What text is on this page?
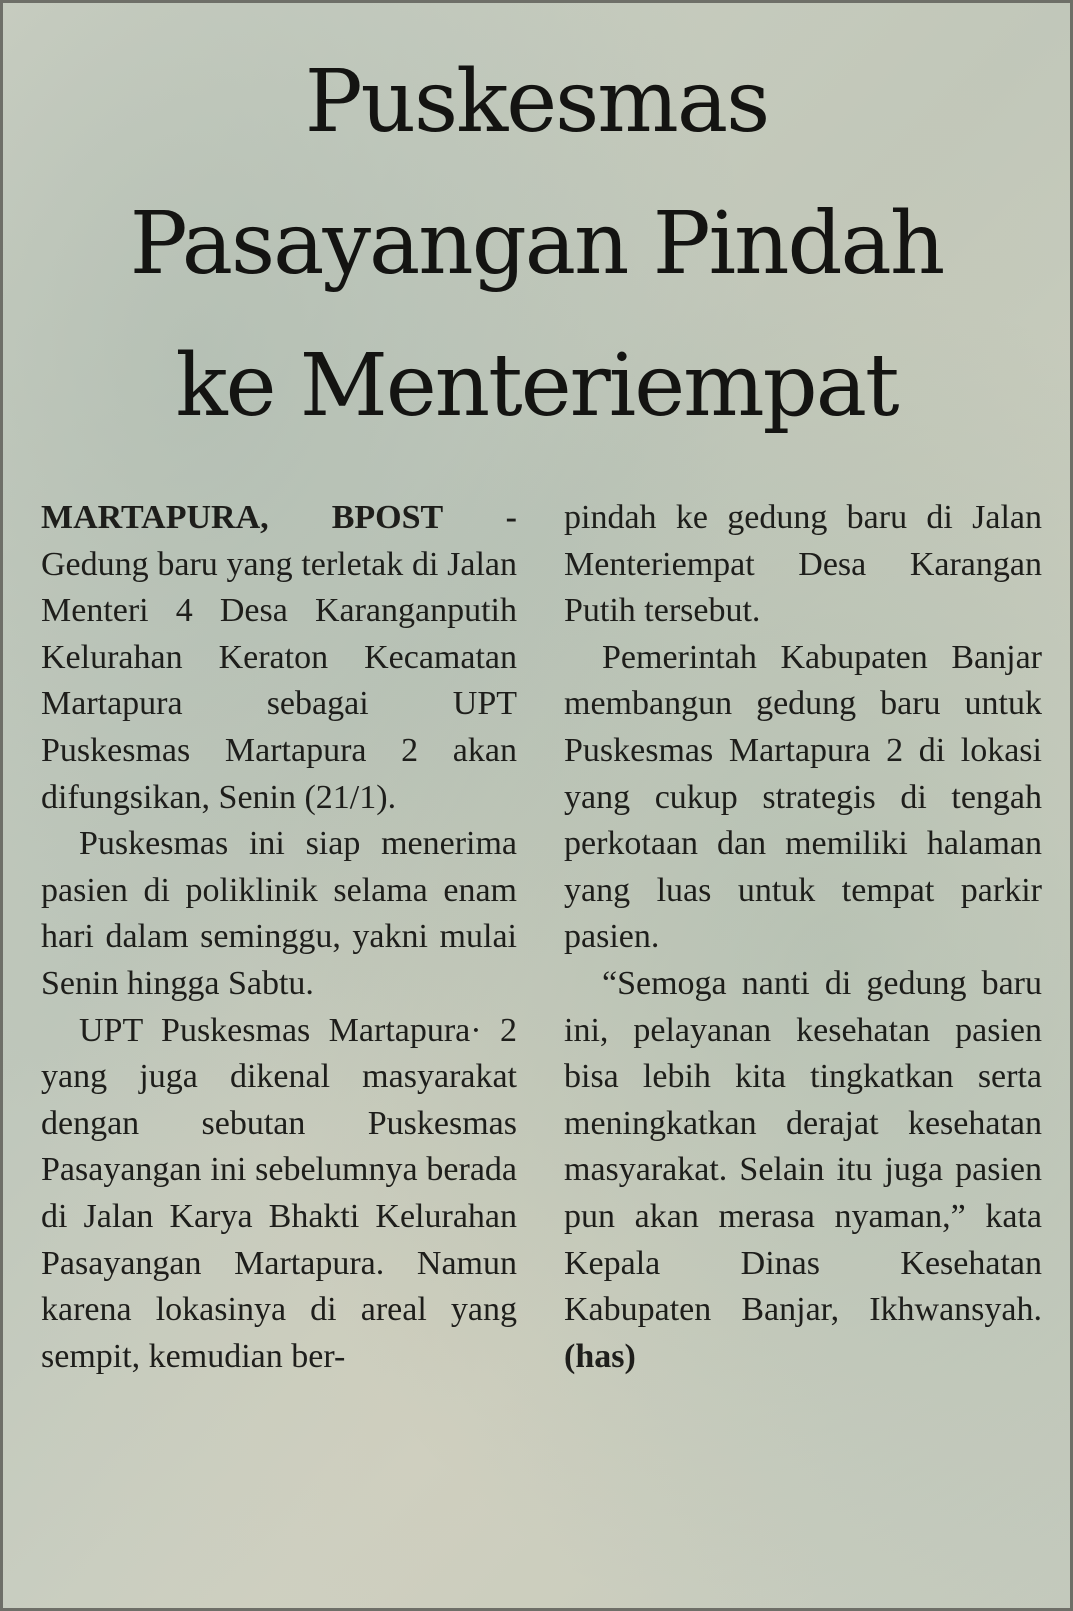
Puskesmas
Pasayangan Pindah
ke Menteriempat

MARTAPURA, BPOST - Gedung baru yang terletak di Jalan Menteri 4 Desa Karanganputih Kelurahan Keraton Kecamatan Martapura sebagai UPT Puskesmas Martapura 2 akan difungsikan, Senin (21/1).

Puskesmas ini siap menerima pasien di poliklinik selama enam hari dalam seminggu, yakni mulai Senin hingga Sabtu.

UPT Puskesmas Martapura· 2 yang juga dikenal masyarakat dengan sebutan Puskesmas Pasayangan ini sebelumnya berada di Jalan Karya Bhakti Kelurahan Pasayangan Martapura. Namun karena lokasinya di areal yang sempit, kemudian ber-

pindah ke gedung baru di Jalan Menteriempat Desa Karangan Putih tersebut.

Pemerintah Kabupaten Banjar membangun gedung baru untuk Puskesmas Martapura 2 di lokasi yang cukup strategis di tengah perkotaan dan memiliki halaman yang luas untuk tempat parkir pasien.

“Semoga nanti di gedung baru ini, pelayanan kesehatan pasien bisa lebih kita tingkatkan serta meningkatkan derajat kesehatan masyarakat. Selain itu juga pasien pun akan merasa nyaman,” kata Kepala Dinas Kesehatan Kabupaten Banjar, Ikhwansyah. (has)
